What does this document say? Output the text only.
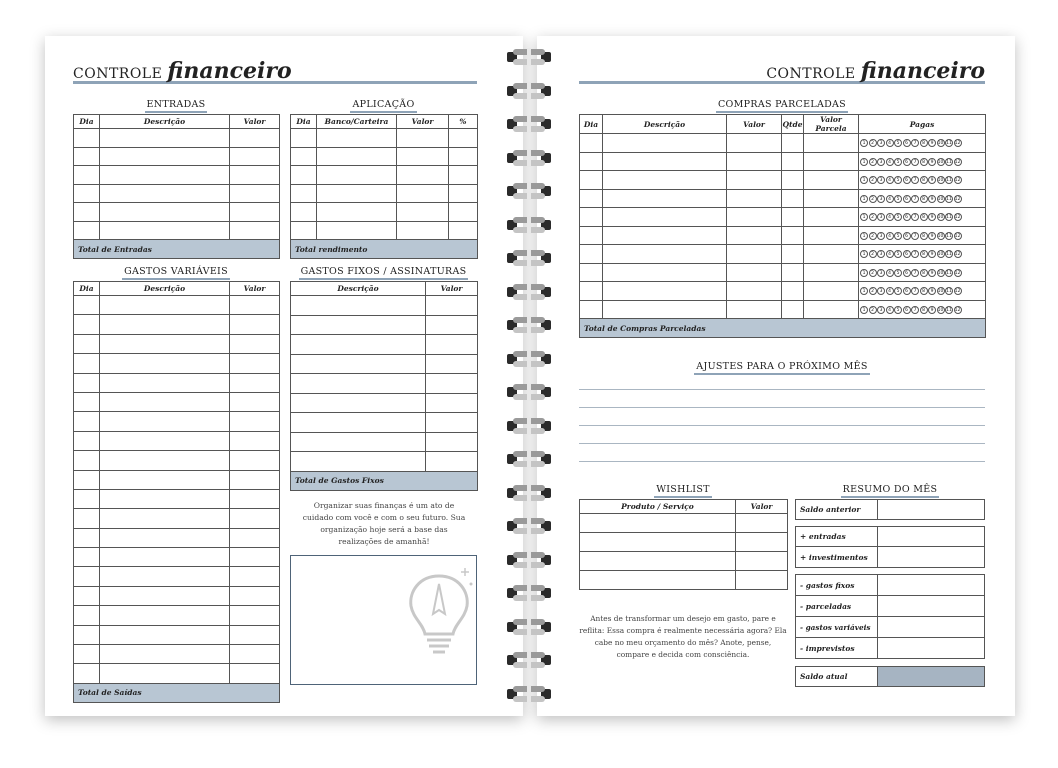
CONTROLE financeiro
ENTRADAS
Dia	Descrição	Valor

Total de Entradas		
APLICAÇÃO
Dia	Banco/Carteira	Valor	%

Total rendimento			
GASTOS VARIÁVEIS
Dia	Descrição	Valor

Total de Saídas		
GASTOS FIXOS / ASSINATURAS
Descrição	Valor

Total de Gastos Fixos	
Organizar suas finanças é um ato de cuidado com você e com o seu futuro. Sua organização hoje será a base das realizações de amanhã!
CONTROLE financeiro
COMPRAS PARCELADAS
Dia	Descrição	Valor	Qtde	Valor Parcela	Pagas
					1 2 3 4 5 6 7 8 9 10 11 12
					1 2 3 4 5 6 7 8 9 10 11 12
					1 2 3 4 5 6 7 8 9 10 11 12
					1 2 3 4 5 6 7 8 9 10 11 12
					1 2 3 4 5 6 7 8 9 10 11 12
					1 2 3 4 5 6 7 8 9 10 11 12
					1 2 3 4 5 6 7 8 9 10 11 12
					1 2 3 4 5 6 7 8 9 10 11 12
					1 2 3 4 5 6 7 8 9 10 11 12
					1 2 3 4 5 6 7 8 9 10 11 12
Total de Compras Parceladas					
AJUSTES PARA O PRÓXIMO MÊS
WISHLIST
Produto / Serviço	Valor

Antes de transformar um desejo em gasto, pare e reflita: Essa compra é realmente necessária agora? Ela cabe no meu orçamento do mês? Anote, pense, compare e decida com consciência.
RESUMO DO MÊS
Saldo anterior
+ entradas
+ investimentos
- gastos fixos
- parceladas
- gastos variáveis
- imprevistos
Saldo atual
